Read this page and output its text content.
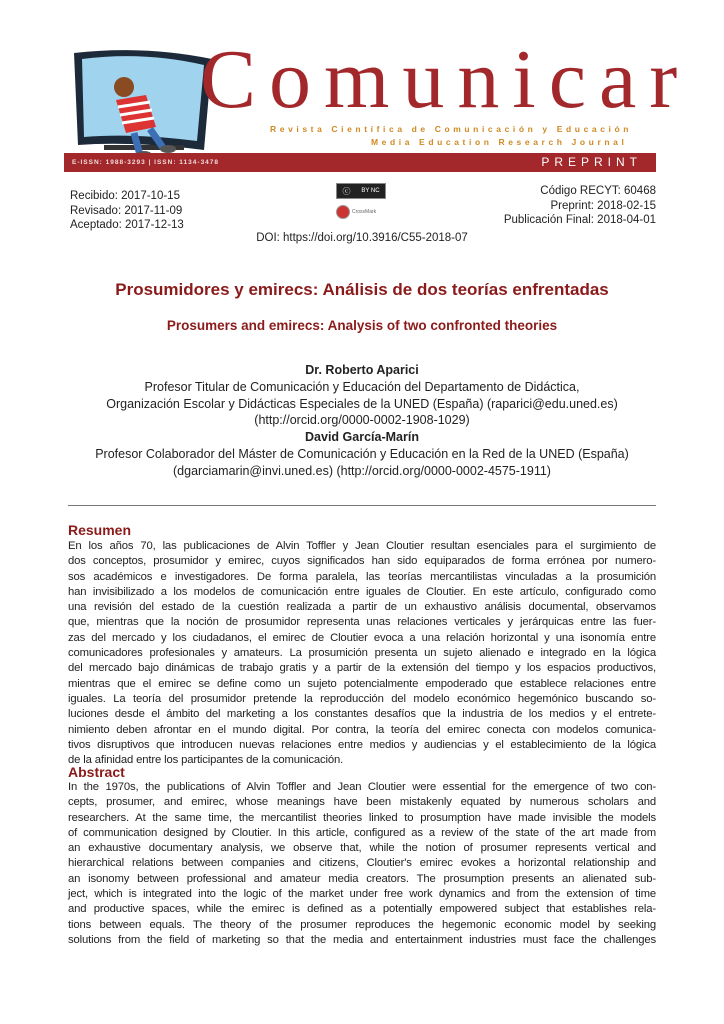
Comunicar
Revista Científica de Comunicación y Educación
Media Education Research Journal
E-ISSN: 1988-3293 | ISSN: 1134-3478	PREPRINT
Recibido: 2017-10-15
Revisado: 2017-11-09
Aceptado: 2017-12-13
ⓒ BY NC
CrossMark
Código RECYT: 60468
Preprint: 2018-02-15
Publicación Final: 2018-04-01
DOI: https://doi.org/10.3916/C55-2018-07
Prosumidores y emirecs: Análisis de dos teorías enfrentadas
Prosumers and emirecs: Analysis of two confronted theories
Dr. Roberto Aparici
Profesor Titular de Comunicación y Educación del Departamento de Didáctica,
Organización Escolar y Didácticas Especiales de la UNED (España) (raparici@edu.uned.es)
(http://orcid.org/0000-0002-1908-1029)
David García-Marín
Profesor Colaborador del Máster de Comunicación y Educación en la Red de la UNED (España)
(dgarciamarin@invi.uned.es) (http://orcid.org/0000-0002-4575-1911)
Resumen
En los años 70, las publicaciones de Alvin Toffler y Jean Cloutier resultan esenciales para el surgimiento de
dos conceptos, prosumidor y emirec, cuyos significados han sido equiparados de forma errónea por numero-
sos académicos e investigadores. De forma paralela, las teorías mercantilistas vinculadas a la prosumición
han invisibilizado a los modelos de comunicación entre iguales de Cloutier. En este artículo, configurado como
una revisión del estado de la cuestión realizada a partir de un exhaustivo análisis documental, observamos
que, mientras que la noción de prosumidor representa unas relaciones verticales y jerárquicas entre las fuer-
zas del mercado y los ciudadanos, el emirec de Cloutier evoca a una relación horizontal y una isonomía entre
comunicadores profesionales y amateurs. La prosumición presenta un sujeto alienado e integrado en la lógica
del mercado bajo dinámicas de trabajo gratis y a partir de la extensión del tiempo y los espacios productivos,
mientras que el emirec se define como un sujeto potencialmente empoderado que establece relaciones entre
iguales. La teoría del prosumidor pretende la reproducción del modelo económico hegemónico buscando so-
luciones desde el ámbito del marketing a los constantes desafíos que la industria de los medios y el entrete-
nimiento deben afrontar en el mundo digital. Por contra, la teoría del emirec conecta con modelos comunica-
tivos disruptivos que introducen nuevas relaciones entre medios y audiencias y el establecimiento de la lógica
de la afinidad entre los participantes de la comunicación.
Abstract
In the 1970s, the publications of Alvin Toffler and Jean Cloutier were essential for the emergence of two con-
cepts, prosumer, and emirec, whose meanings have been mistakenly equated by numerous scholars and
researchers. At the same time, the mercantilist theories linked to prosumption have made invisible the models
of communication designed by Cloutier. In this article, configured as a review of the state of the art made from
an exhaustive documentary analysis, we observe that, while the notion of prosumer represents vertical and
hierarchical relations between companies and citizens, Cloutier's emirec evokes a horizontal relationship and
an isonomy between professional and amateur media creators. The prosumption presents an alienated sub-
ject, which is integrated into the logic of the market under free work dynamics and from the extension of time
and productive spaces, while the emirec is defined as a potentially empowered subject that establishes rela-
tions between equals. The theory of the prosumer reproduces the hegemonic economic model by seeking
solutions from the field of marketing so that the media and entertainment industries must face the challenges
